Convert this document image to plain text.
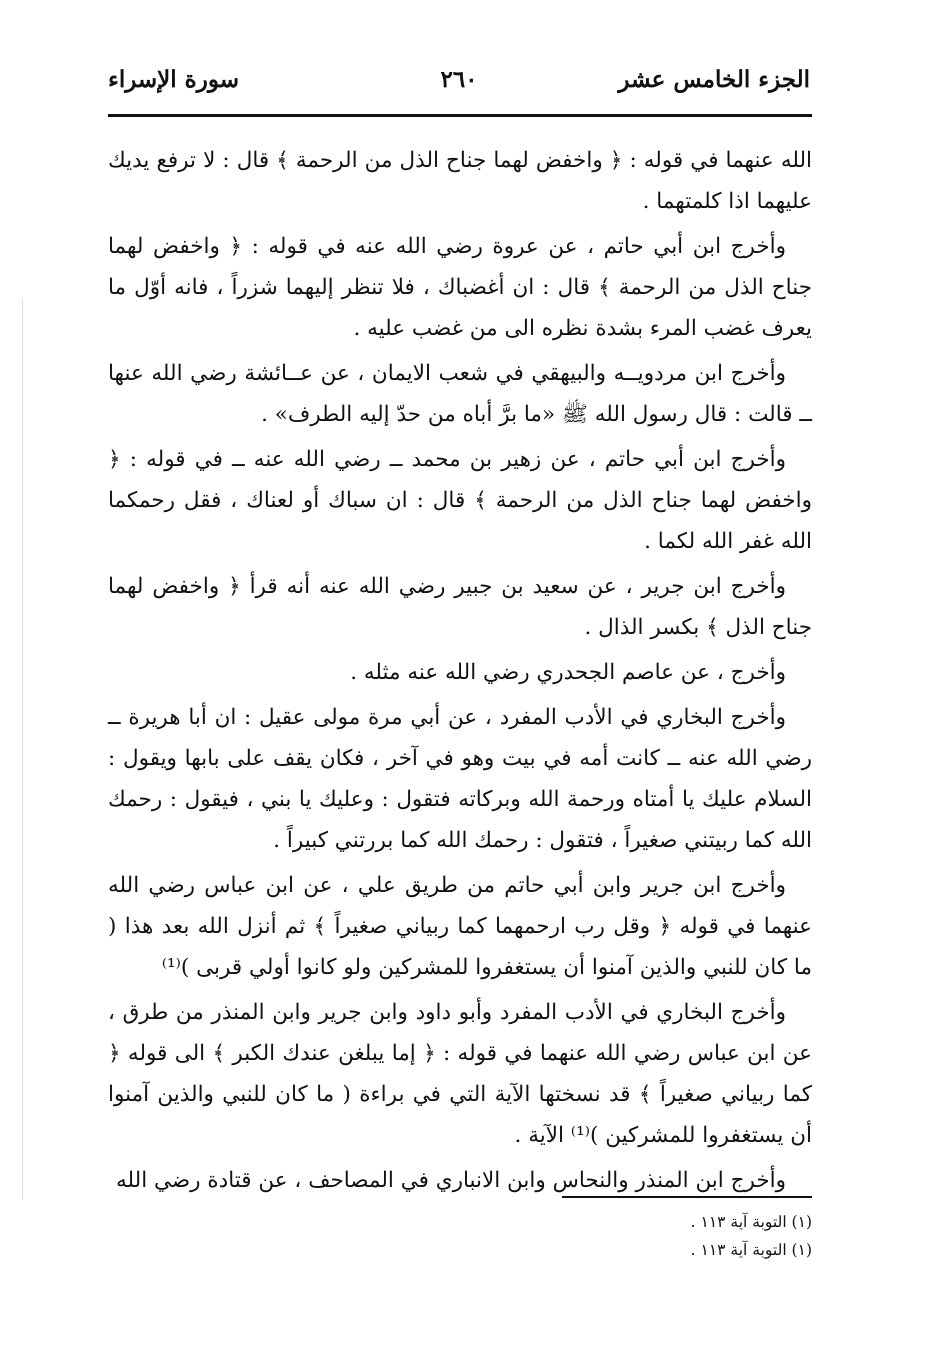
الجزء الخامس عشر
٢٦٠
سورة الإسراء

الله عنهما في قوله : ﴿ واخفض لهما جناح الذل من الرحمة ﴾ قال : لا ترفع يديك عليهما اذا كلمتهما .

وأخرج ابن أبي حاتم ، عن عروة رضي الله عنه في قوله : ﴿ واخفض لهما جناح الذل من الرحمة ﴾ قال : ان أغضباك ، فلا تنظر إليهما شزراً ، فانه أوّل ما يعرف غضب المرء بشدة نظره الى من غضب عليه .

وأخرج ابن مردويــه والبيهقي في شعب الايمان ، عن عــائشة رضي الله عنها ــ قالت : قال رسول الله ﷺ «ما برَّ أباه من حدّ إليه الطرف» .

وأخرج ابن أبي حاتم ، عن زهير بن محمد ــ رضي الله عنه ــ في قوله : ﴿ واخفض لهما جناح الذل من الرحمة ﴾ قال : ان سباك أو لعناك ، فقل رحمكما الله غفر الله لكما .

وأخرج ابن جرير ، عن سعيد بن جبير رضي الله عنه أنه قرأ ﴿ واخفض لهما جناح الذل ﴾ بكسر الذال .

وأخرج ، عن عاصم الجحدري رضي الله عنه مثله .

وأخرج البخاري في الأدب المفرد ، عن أبي مرة مولى عقيل : ان أبا هريرة ــ رضي الله عنه ــ كانت أمه في بيت وهو في آخر ، فكان يقف على بابها ويقول : السلام عليك يا أمتاه ورحمة الله وبركاته فتقول : وعليك يا بني ، فيقول : رحمك الله كما ربيتني صغيراً ، فتقول : رحمك الله كما بررتني كبيراً .

وأخرج ابن جرير وابن أبي حاتم من طريق علي ، عن ابن عباس رضي الله عنهما في قوله ﴿ وقل رب ارحمهما كما ربياني صغيراً ﴾ ثم أنزل الله بعد هذا ( ما كان للنبي والذين آمنوا أن يستغفروا للمشركين ولو كانوا أولي قربى )⁽¹⁾

وأخرج البخاري في الأدب المفرد وأبو داود وابن جرير وابن المنذر من طرق ، عن ابن عباس رضي الله عنهما في قوله : ﴿ إما يبلغن عندك الكبر ﴾ الى قوله ﴿ كما ربياني صغيراً ﴾ قد نسختها الآية التي في براءة ( ما كان للنبي والذين آمنوا أن يستغفروا للمشركين )⁽¹⁾ الآية .

وأخرج ابن المنذر والنحاس وابن الانباري في المصاحف ، عن قتادة رضي الله

(١) التوبة آية ١١٣ .
(١) التوبة آية ١١٣ .
